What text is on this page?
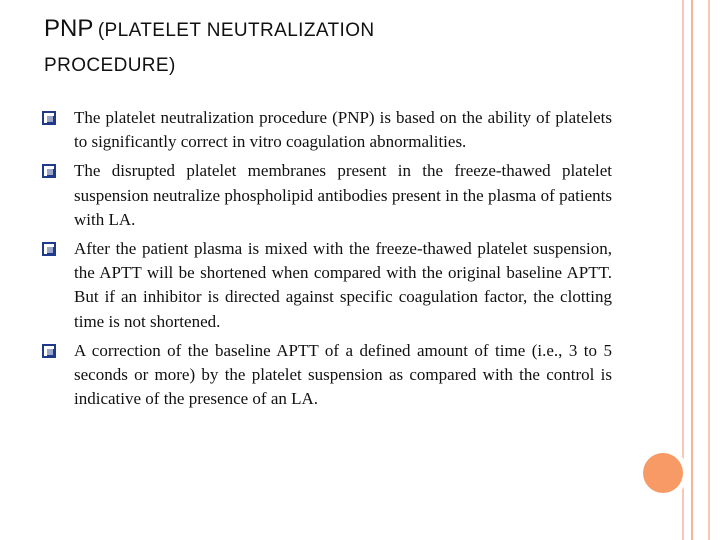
PNP (PLATELET NEUTRALIZATION
PROCEDURE)
The platelet neutralization procedure (PNP) is based on the ability of platelets to significantly correct in vitro coagulation abnormalities.
The disrupted platelet membranes present in the freeze-thawed platelet suspension neutralize phospholipid antibodies present in the plasma of patients with LA.
After the patient plasma is mixed with the freeze-thawed platelet suspension, the APTT will be shortened when compared with the original baseline APTT. But if an inhibitor is directed against specific coagulation factor, the clotting time is not shortened.
A correction of the baseline APTT of a defined amount of time (i.e., 3 to 5 seconds or more) by the platelet suspension as compared with the control is indicative of the presence of an LA.
